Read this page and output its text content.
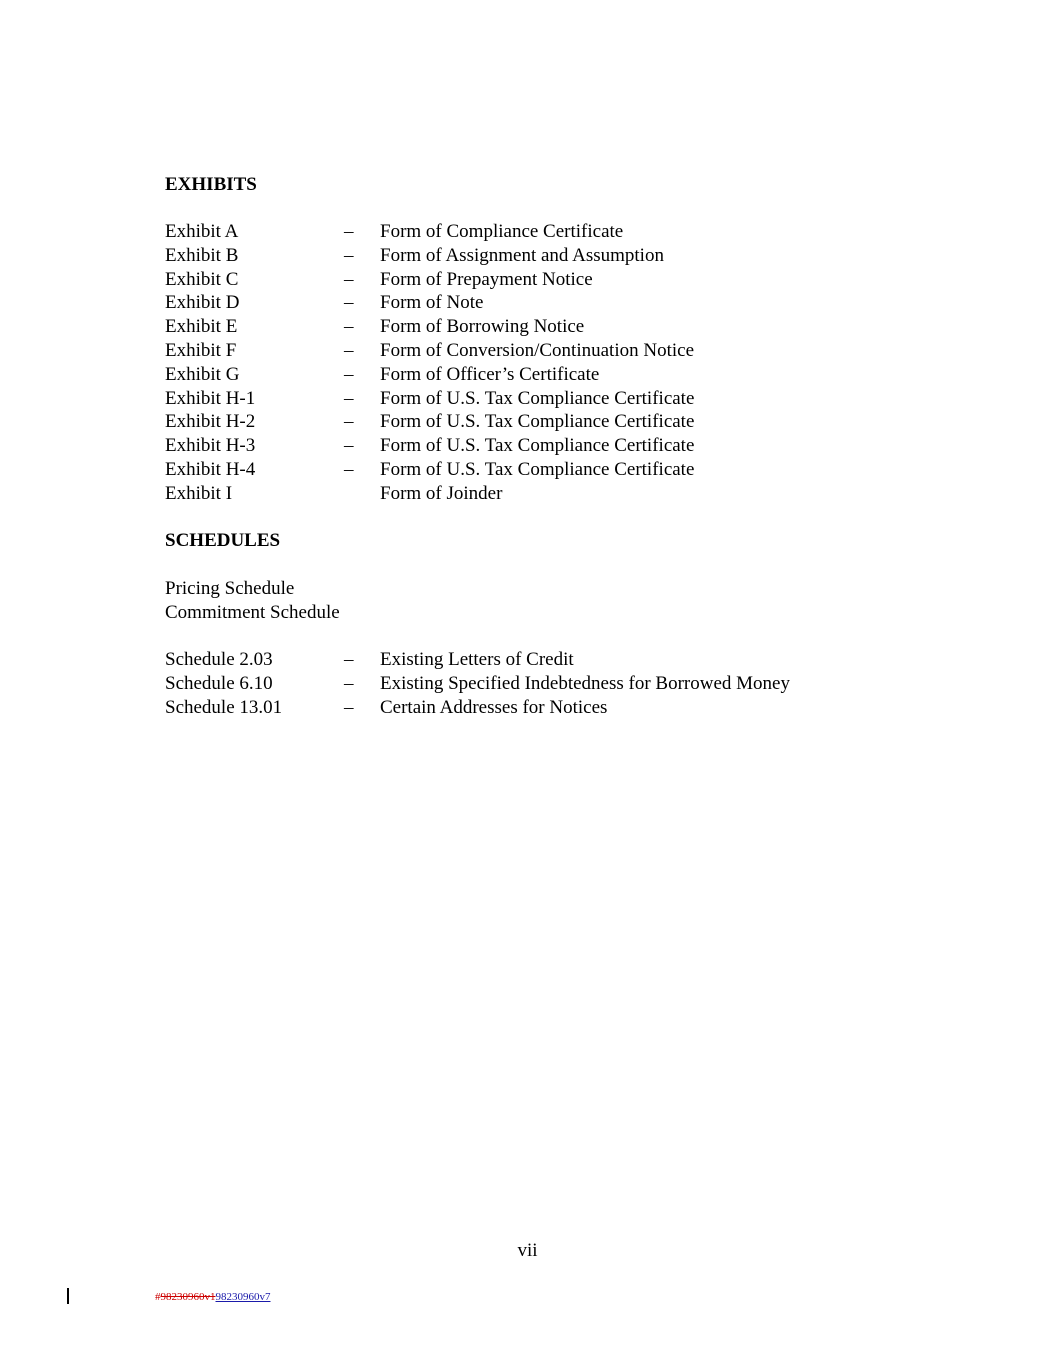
EXHIBITS
Exhibit A	– Form of Compliance Certificate
Exhibit B	– Form of Assignment and Assumption
Exhibit C	– Form of Prepayment Notice
Exhibit D	– Form of Note
Exhibit E	– Form of Borrowing Notice
Exhibit F	– Form of Conversion/Continuation Notice
Exhibit G	– Form of Officer’s Certificate
Exhibit H-1	– Form of U.S. Tax Compliance Certificate
Exhibit H-2	– Form of U.S. Tax Compliance Certificate
Exhibit H-3	– Form of U.S. Tax Compliance Certificate
Exhibit H-4	– Form of U.S. Tax Compliance Certificate
Exhibit I	Form of Joinder
SCHEDULES
Pricing Schedule
Commitment Schedule
Schedule 2.03	– Existing Letters of Credit
Schedule 6.10	– Existing Specified Indebtedness for Borrowed Money
Schedule 13.01	– Certain Addresses for Notices
vii
#98230960v198230960v7
